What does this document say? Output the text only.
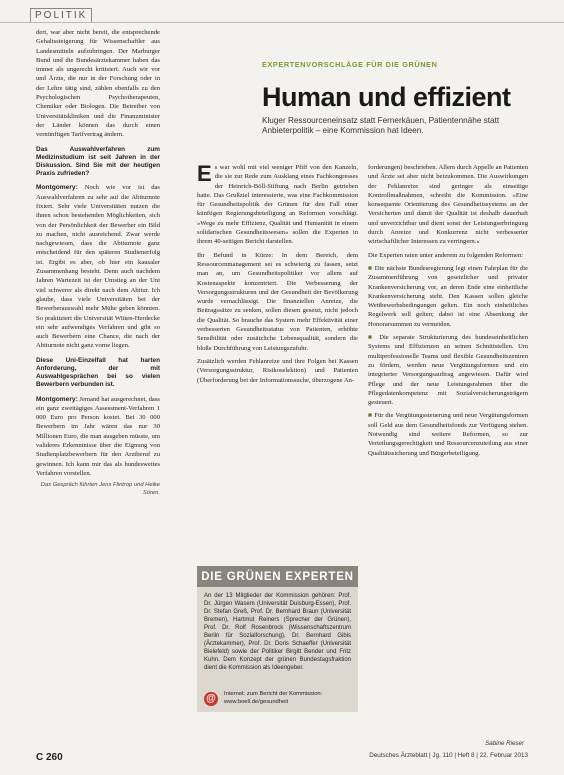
POLITIK

dert, war aber nicht bereit, die entsprechende Gehaltssteigerung für Wissenschaftler aus Landesmitteln aufzubringen. Der Marburger Bund und die Bundesärztekammer haben das immer als ungerecht kritisiert. Auch wir vor und Ärzte, die nur in der Forschung oder in der Lehre tätig sind, zählen ebenfalls zu den Psychologischen Psychotherapeuten, Chemiker oder Biologen. Die Betreiber von Universitätskliniken und die Finanzminister der Länder können das durch einen vernünftigen Tarifvertrag ändern.

Das Auswahlverfahren zum Medizinstudium ist seit Jahren in der Diskussion. Sind Sie mit der heutigen Praxis zufrieden?

Montgomery: Noch wie vor ist das Auswahlverfahren zu sehr auf die Abiturnote fixiert. Sehr viele Universitäten nutzen die ihnen schon bestehenden Möglichkeiten, sich von der Persönlichkeit der Bewerber ein Bild zu machen, nicht ausreichend. Zwar werde nachgewiesen, dass die Abiturnote ganz entscheidend für den späteren Studienerfolg ist. Ergibt es aber, ob hier ein kausaler Zusammenhang besteht. Denn auch nachdem Jahren Wartezeit ist der Umstieg an der Uni viel schwerer als direkt nach dem Abitur. Ich glaube, dass viele Universitäten bei der Bewerberauswahl mehr Mühe geben könnten. So praktiziert die Universität Witten-Herdecke ein sehr aufwendiges Verfahren und gibt so auch Bewerbern eine Chance, die nach der Abiturnote nicht ganz vorne liegen.

Diese Uni-Einzelfall hat harten Anforderung, der mit Auswahlgesprächen bei so vielen Bewerbern verbunden ist.

Montgomery: Jemand hat ausgerechnet, dass ein ganz zweitägiges Assessment-Verfahren 1 000 Euro pro Person kostet. Bei 30 000 Bewerbern im Jahr wären das nur 30 Millionen Euro, die man ausgeben müsste, um valideres Erkenntnisse über die Eignung von Studienplatzbewerbern für den Arztberuf zu gewinnen. Ich kann mir das als hundesweites Verfahren vorstellen.

Das Gespräch führten Jens Flintrop und Heike Sören.
EXPERTENVORSCHLÄGE FÜR DIE GRÜNEN
Human und effizient
Kluger Ressourceneinsatz statt Fernerkäuen, Patientennähe statt Anbieterpolitik – eine Kommission hat Ideen.

Es war wohl mit viel weniger Pfiff von den Kanzeln, die sie zur Rede zum Ausklang eines Fachkongresses der Heinrich-Böll-Stiftung nach Berlin getrieben hatte. Das Grußziel interessierte, was eine Fachkommission für Gesundheitspolitik der Grünen für den Fall einer künftigen Regierungsbeteiligung an Reformen vorschlägt. »Wege zu mehr Effizienz, Qualität und Humanität in einem solidarischen Gesundheitswesen« sollen die Experten in ihrem 40-seitigen Bericht darstellen.

Ihr Befund in Kürze: In dem Bereich, dem Ressourcenmanagement sei es schwierig zu fassen, setzt man an, um Gesundheitspolitiker vor allem auf Kostenaspekte konzentriert. Die Verbesserung der Versorgungsstrukturen und der Gesundheit der Bevölkerung wurde vernachlässigt. Die finanziellen Anreize, die Beitragssätze zu senken, sollen diesen gesetzt, nicht jedoch die Qualität. So brauche das System mehr Effektivität einer verbesserten Gesundheitsstatus von Patienten, erhöhte Sensibilität oder zusätzliche Lebensqualität, sondern die bloße Durchführung von Leistungszufuhr.

Zusätzlich werden Fehlanreize und ihre Folgen bei Kassen (Versorgungsstruktur, Risikoselektion) und Patienten (Überforderung bei der Informationssuche, überzogene An-

forderungen) beschrieben. Allem durch Appelle an Patienten und Ärzte sei aber nicht beizukommen. Die Auswirkungen der Fehlanreize sind geringer als einseitige Kontrollmaßnahmen, schreibt die Kommission. »Eine konsequente Orientierung des Gesundheitssystems an der Versicherten und damit der Qualität ist deshalb dauerhaft und unverzichtbar und dient sonst der Leistungserbringung durch Anreize und Konkurrenz nicht verbesserter wirtschaftlicher Interessen zu verringern.«

Die Experten raten unter anderem zu folgenden Reformen:

■ Die nächste Bundesregierung legt einen Fahrplan für die Zusammenführung von gesetzlicher und privater Krankenversicherung vor, an deren Ende eine einheitliche Krankenversicherung steht. Den Kassen sollen gleiche Wettbewerbsbedingungen gelten. Ein noch einheitliches Regelwerk soll gelten; dabei ist eine Absenkung der Honorarsummen zu vermeiden.

■ Die separate Strukturierung des bundeseinheitlichen Systems und Effizienzen an seinen Schnittstellen. Um multiprofessionelle Teams und flexible Gesundheitszentren zu fördern, werden neue Vergütungsformen und ein integrierter Versorgungsauftrag angewiesen. Dafür wird Pflege und der neue Leistungsrahmen über die Pflegedatenkompetenz mit Sozialversicherungsträgern gesteuert.

■ Für die Vergütungssteuerung und neue Vergütungsformen soll Geld aus dem Gesundheitsfonds zur Verfügung stehen. Notwendig sind weitere Reformen, so zur Verteilungsgerechtigkeit und Ressourcenzuteilung aus einer Qualitätssicherung und Bürgerbeteiligung.

DIE GRÜNEN EXPERTEN
An der 13 Mitglieder der Kommission gehören: Prof. Dr. Jürgen Wasem (Universität Duisburg-Essen), Prof. Dr. Stefan Greß, Prof. Dr. Bernhard Braun (Universität Bremen), Hartmut Reiners (Sprecher der Grünen), Prof. Dr. Rolf Rosenbrock (Wissenschaftszentrum Berlin für Sozialforschung), Dr. Bernhard Gibis (Ärztekammer), Prof. Dr. Doris Schaeffer (Universität Bielefeld) sowie der Politiker Birgitt Bender und Fritz Kuhn. Dem Konzept der grünen Bundestagsfraktion dient die Kommission als Ideengeber.
@	Internet: zum Bericht der Kommission: www.boell.de/gesundheit
Sabine Rieser
C 260	Deutsches Ärzteblatt | Jg. 110 | Heft 8 | 22. Februar 2013
